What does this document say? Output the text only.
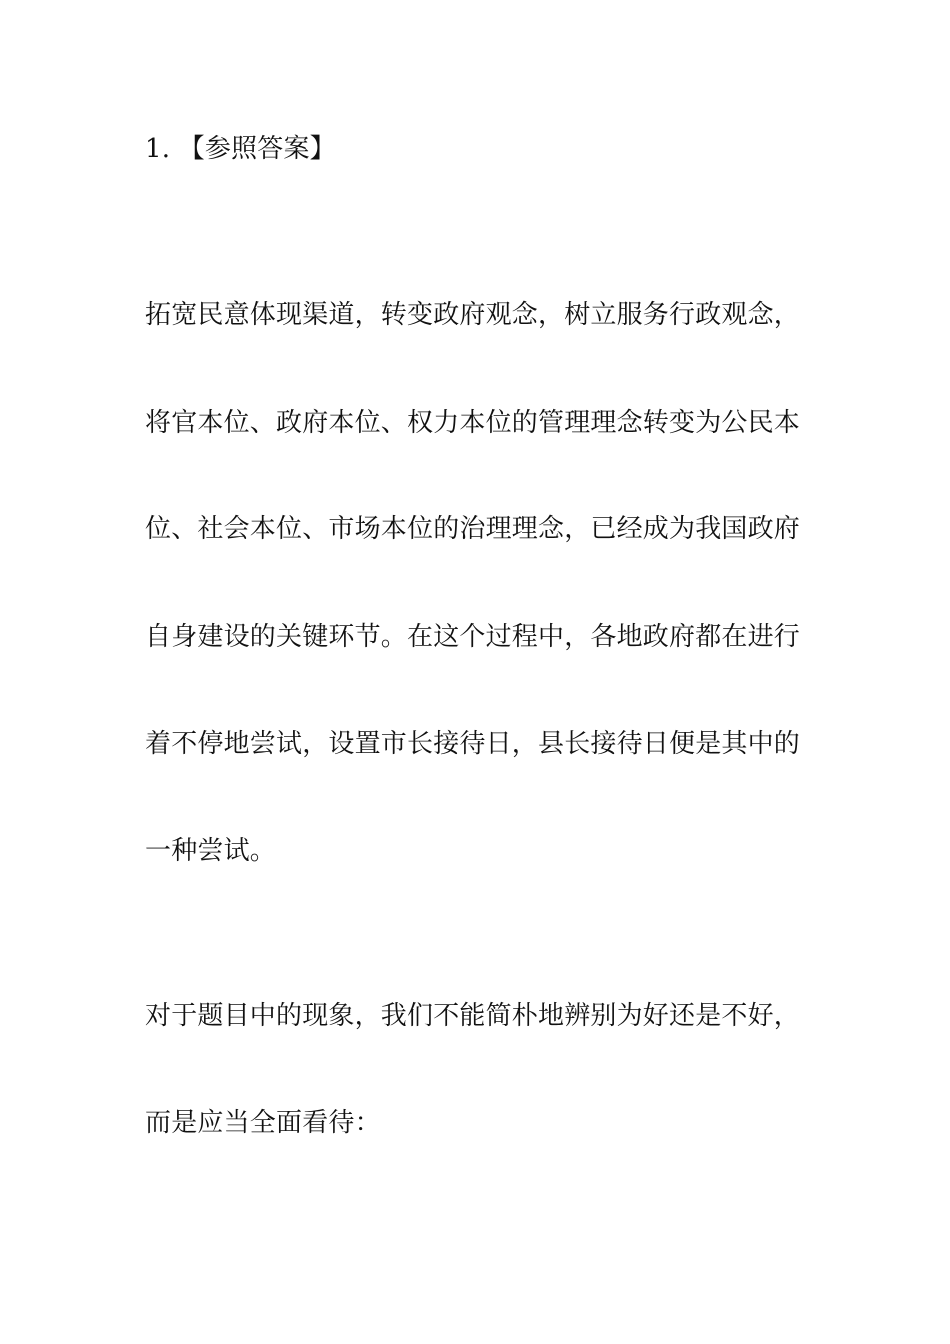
1. 【参照答案】
拓宽民意体现渠道，转变政府观念，树立服务行政观念，
将官本位、政府本位、权力本位的管理理念转变为公民本
位、社会本位、市场本位的治理理念，已经成为我国政府
自身建设的关键环节。在这个过程中，各地政府都在进行
着不停地尝试，设置市长接待日，县长接待日便是其中的
一种尝试。
对于题目中的现象，我们不能简朴地辨别为好还是不好，
而是应当全面看待：
